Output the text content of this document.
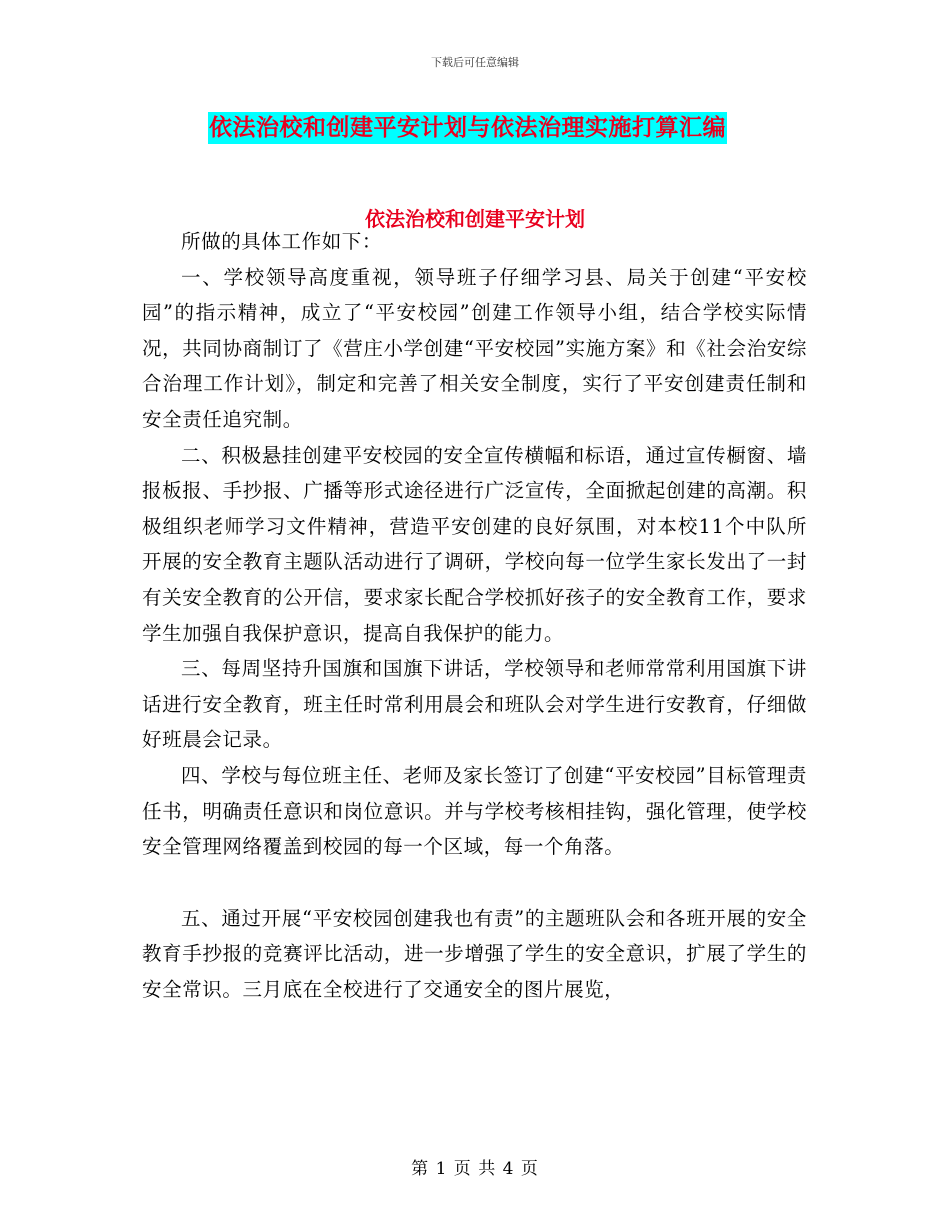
下载后可任意编辑
依法治校和创建平安计划与依法治理实施打算汇编
依法治校和创建平安计划

所做的具体工作如下：

一、学校领导高度重视，领导班子仔细学习县、局关于创建“平安校园”的指示精神，成立了“平安校园”创建工作领导小组，结合学校实际情况，共同协商制订了《营庄小学创建“平安校园”实施方案》和《社会治安综合治理工作计划》，制定和完善了相关安全制度，实行了平安创建责任制和安全责任追究制。

二、积极悬挂创建平安校园的安全宣传横幅和标语，通过宣传橱窗、墙报板报、手抄报、广播等形式途径进行广泛宣传，全面掀起创建的高潮。积极组织老师学习文件精神，营造平安创建的良好氛围，对本校11个中队所开展的安全教育主题队活动进行了调研，学校向每一位学生家长发出了一封有关安全教育的公开信，要求家长配合学校抓好孩子的安全教育工作，要求学生加强自我保护意识，提高自我保护的能力。

三、每周坚持升国旗和国旗下讲话，学校领导和老师常常利用国旗下讲话进行安全教育，班主任时常利用晨会和班队会对学生进行安教育，仔细做好班晨会记录。

四、学校与每位班主任、老师及家长签订了创建“平安校园”目标管理责任书，明确责任意识和岗位意识。并与学校考核相挂钩，强化管理，使学校安全管理网络覆盖到校园的每一个区域，每一个角落。

五、通过开展“平安校园创建我也有责”的主题班队会和各班开展的安全教育手抄报的竞赛评比活动，进一步增强了学生的安全意识，扩展了学生的安全常识。三月底在全校进行了交通安全的图片展览，

第 1 页 共 4 页
